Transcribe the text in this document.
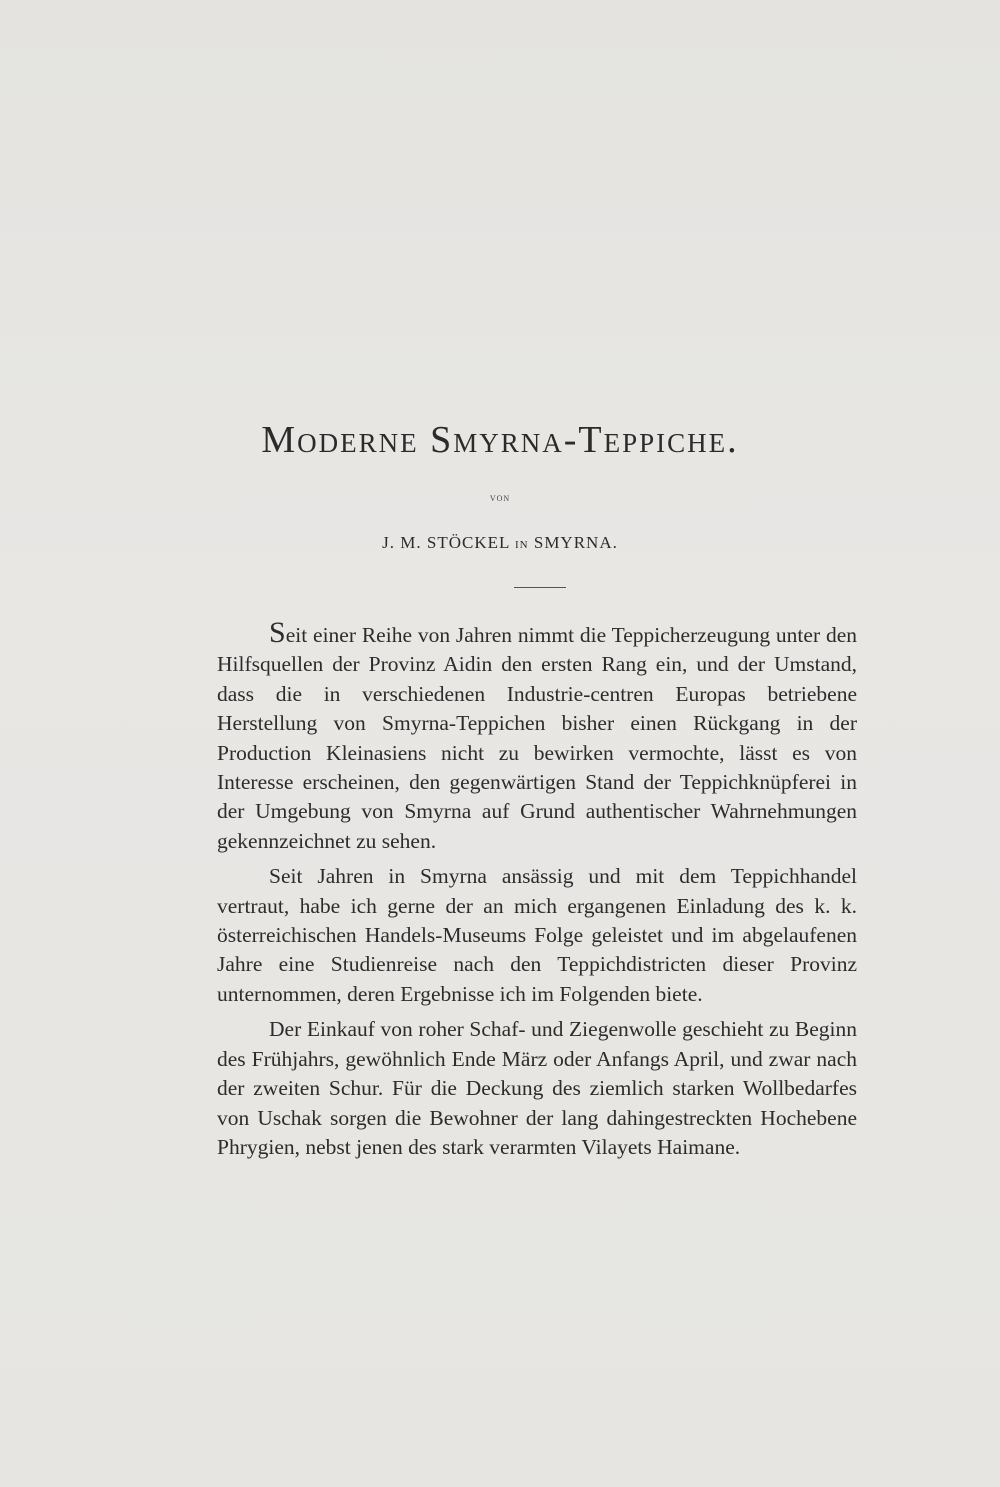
Moderne Smyrna-Teppiche.
von
J. M. STÖCKEL in SMYRNA.

Seit einer Reihe von Jahren nimmt die Teppicherzeugung unter den Hilfsquellen der Provinz Aidin den ersten Rang ein, und der Umstand, dass die in verschiedenen Industrie-centren Europas betriebene Herstellung von Smyrna-Teppichen bisher einen Rückgang in der Production Kleinasiens nicht zu bewirken vermochte, lässt es von Interesse erscheinen, den gegenwärtigen Stand der Teppichknüpferei in der Umgebung von Smyrna auf Grund authentischer Wahrnehmungen gekennzeichnet zu sehen.

Seit Jahren in Smyrna ansässig und mit dem Teppichhandel vertraut, habe ich gerne der an mich ergangenen Einladung des k. k. österreichischen Handels-Museums Folge geleistet und im abgelaufenen Jahre eine Studienreise nach den Teppichdistricten dieser Provinz unternommen, deren Ergebnisse ich im Folgenden biete.

Der Einkauf von roher Schaf- und Ziegenwolle geschieht zu Beginn des Frühjahrs, gewöhnlich Ende März oder Anfangs April, und zwar nach der zweiten Schur. Für die Deckung des ziemlich starken Wollbedarfes von Uschak sorgen die Bewohner der lang dahingestreckten Hochebene Phrygien, nebst jenen des stark verarmten Vilayets Haimane.
